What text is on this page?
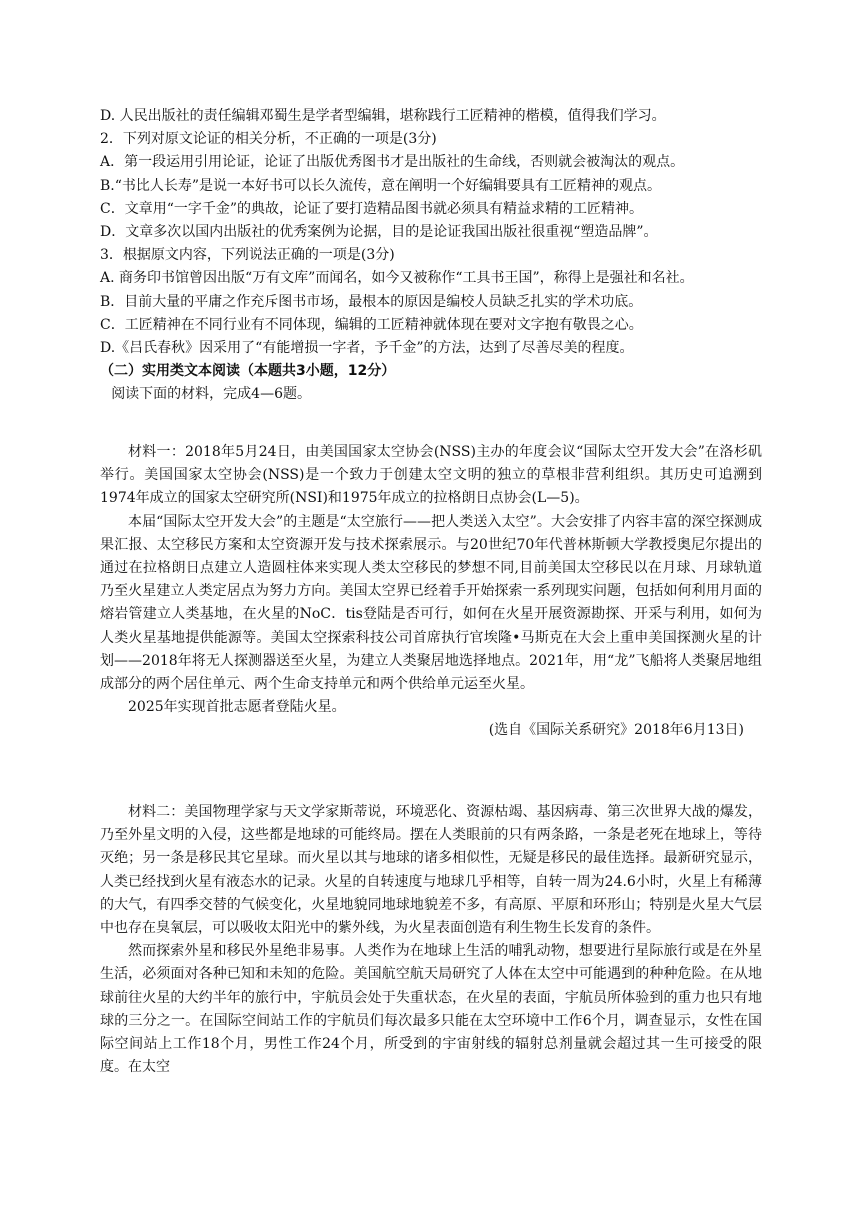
D. 人民出版社的责任编辑邓蜀生是学者型编辑，堪称践行工匠精神的楷模，值得我们学习。

2．下列对原文论证的相关分析，不正确的一项是(3分)

A．第一段运用引用论证，论证了出版优秀图书才是出版社的生命线，否则就会被淘汰的观点。

B.“书比人长寿”是说一本好书可以长久流传，意在阐明一个好编辑要具有工匠精神的观点。

C．文章用“一字千金”的典故，论证了要打造精品图书就必须具有精益求精的工匠精神。

D．文章多次以国内出版社的优秀案例为论据，目的是论证我国出版社很重视“塑造品牌”。

3．根据原文内容，下列说法正确的一项是(3分)

A. 商务印书馆曾因出版“万有文库”而闻名，如今又被称作“工具书王国”，称得上是强社和名社。

B．目前大量的平庸之作充斥图书市场，最根本的原因是编校人员缺乏扎实的学术功底。

C．工匠精神在不同行业有不同体现，编辑的工匠精神就体现在要对文字抱有敬畏之心。

D.《吕氏春秋》因采用了“有能增损一字者，予千金”的方法，达到了尽善尽美的程度。

（二）实用类文本阅读（本题共3小题，12分）

阅读下面的材料，完成4—6题。

材料一：2018年5月24日，由美国国家太空协会(NSS)主办的年度会议“国际太空开发大会”在洛杉矶举行。美国国家太空协会(NSS)是一个致力于创建太空文明的独立的草根非营利组织。其历史可追溯到1974年成立的国家太空研究所(NSI)和1975年成立的拉格朗日点协会(L—5)。

本届“国际太空开发大会”的主题是“太空旅行——把人类送入太空”。大会安排了内容丰富的深空探测成果汇报、太空移民方案和太空资源开发与技术探索展示。与20世纪70年代普林斯顿大学教授奥尼尔提出的通过在拉格朗日点建立人造圆柱体来实现人类太空移民的梦想不同,目前美国太空移民以在月球、月球轨道乃至火星建立人类定居点为努力方向。美国太空界已经着手开始探索一系列现实问题，包括如何利用月面的熔岩管建立人类基地，在火星的NoC．tis登陆是否可行，如何在火星开展资源勘探、开采与利用，如何为人类火星基地提供能源等。美国太空探索科技公司首席执行官埃隆•马斯克在大会上重申美国探测火星的计划——2018年将无人探测器送至火星，为建立人类聚居地选择地点。2021年，用“龙”飞船将人类聚居地组成部分的两个居住单元、两个生命支持单元和两个供给单元运至火星。

2025年实现首批志愿者登陆火星。

(选自《国际关系研究》2018年6月13日)

材料二：美国物理学家与天文学家斯蒂说，环境恶化、资源枯竭、基因病毒、第三次世界大战的爆发，乃至外星文明的入侵，这些都是地球的可能终局。摆在人类眼前的只有两条路，一条是老死在地球上，等待灭绝；另一条是移民其它星球。而火星以其与地球的诸多相似性，无疑是移民的最佳选择。最新研究显示，人类已经找到火星有液态水的记录。火星的自转速度与地球几乎相等，自转一周为24.6小时，火星上有稀薄的大气，有四季交替的气候变化，火星地貌同地球地貌差不多，有高原、平原和环形山；特别是火星大气层中也存在臭氧层，可以吸收太阳光中的紫外线，为火星表面创造有利生物生长发育的条件。

然而探索外星和移民外星绝非易事。人类作为在地球上生活的哺乳动物，想要进行星际旅行或是在外星生活，必须面对各种已知和未知的危险。美国航空航天局研究了人体在太空中可能遇到的种种危险。在从地球前往火星的大约半年的旅行中，宇航员会处于失重状态，在火星的表面，宇航员所体验到的重力也只有地球的三分之一。在国际空间站工作的宇航员们每次最多只能在太空环境中工作6个月，调查显示，女性在国际空间站上工作18个月，男性工作24个月，所受到的宇宙射线的辐射总剂量就会超过其一生可接受的限度。在太空
